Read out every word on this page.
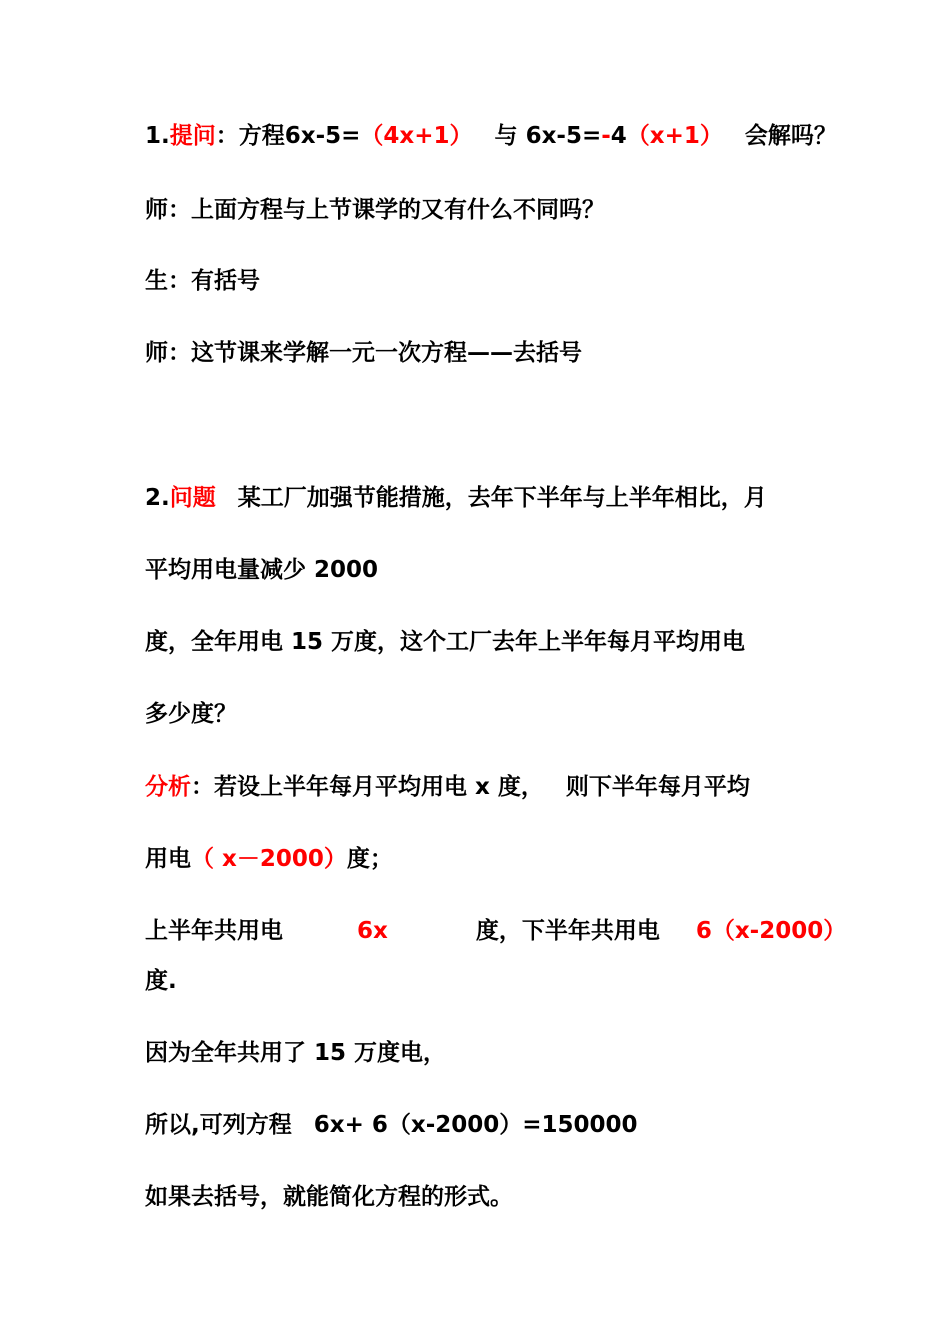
1.提问：方程6x-5=（4x+1） 与 6x-5=-4（x+1） 会解吗？
师：上面方程与上节课学的又有什么不同吗？
生：有括号
师：这节课来学解一元一次方程——去括号
2.问题 某工厂加强节能措施，去年下半年与上半年相比，月
平均用电量减少 2000
度，全年用电 15 万度，这个工厂去年上半年每月平均用电
多少度？
分析：若设上半年每月平均用电 x 度， 则下半年每月平均
用电（ x－2000）度；
上半年共用电	6x	度，下半年共用电 6（x-2000）
度.
因为全年共用了 15 万度电，
所以,可列方程 6x+ 6（x-2000）=150000
如果去括号，就能简化方程的形式。
